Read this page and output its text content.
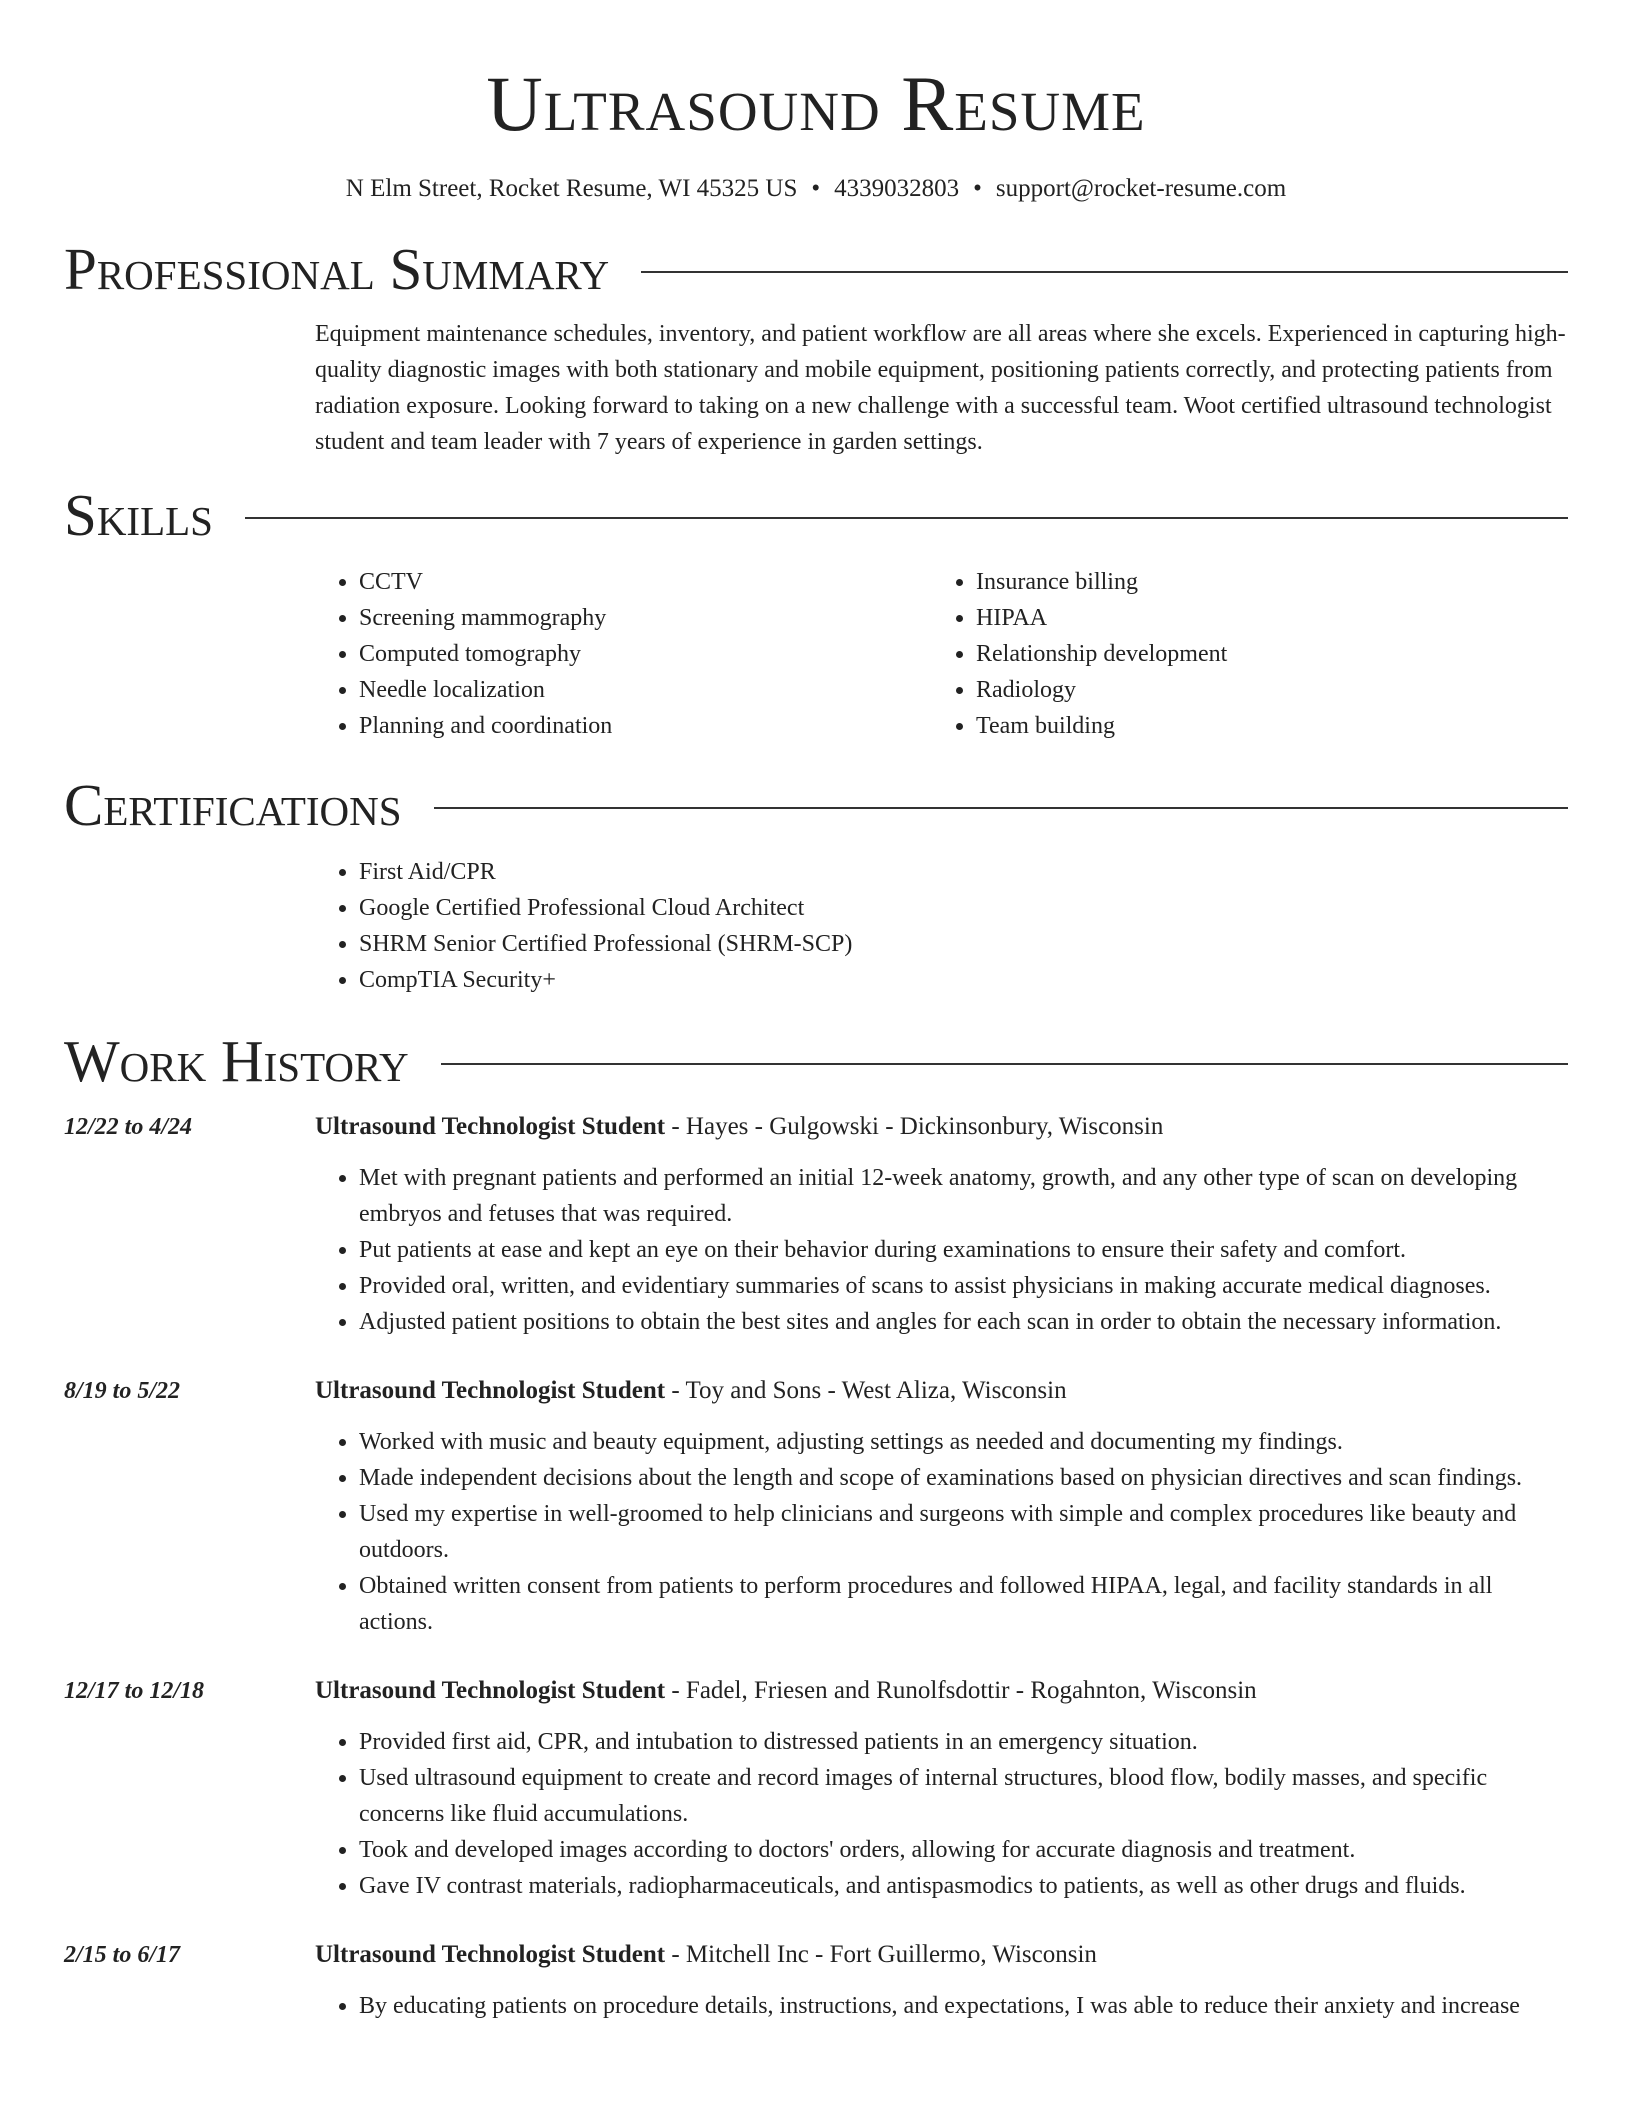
Ultrasound Resume
N Elm Street, Rocket Resume, WI 45325 US • 4339032803 • support@rocket-resume.com
Professional Summary

Equipment maintenance schedules, inventory, and patient workflow are all areas where she excels. Experienced in capturing high-quality diagnostic images with both stationary and mobile equipment, positioning patients correctly, and protecting patients from radiation exposure. Looking forward to taking on a new challenge with a successful team. Woot certified ultrasound technologist student and team leader with 7 years of experience in garden settings.

Skills
• CCTV
• Screening mammography
• Computed tomography
• Needle localization
• Planning and coordination
• Insurance billing
• HIPAA
• Relationship development
• Radiology
• Team building
Certifications
• First Aid/CPR
• Google Certified Professional Cloud Architect
• SHRM Senior Certified Professional (SHRM-SCP)
• CompTIA Security+
Work History
12/22 to 4/24	Ultrasound Technologist Student - Hayes - Gulgowski - Dickinsonbury, Wisconsin
• Met with pregnant patients and performed an initial 12-week anatomy, growth, and any other type of scan on developing embryos and fetuses that was required.
• Put patients at ease and kept an eye on their behavior during examinations to ensure their safety and comfort.
• Provided oral, written, and evidentiary summaries of scans to assist physicians in making accurate medical diagnoses.
• Adjusted patient positions to obtain the best sites and angles for each scan in order to obtain the necessary information.
8/19 to 5/22	Ultrasound Technologist Student - Toy and Sons - West Aliza, Wisconsin
• Worked with music and beauty equipment, adjusting settings as needed and documenting my findings.
• Made independent decisions about the length and scope of examinations based on physician directives and scan findings.
• Used my expertise in well-groomed to help clinicians and surgeons with simple and complex procedures like beauty and outdoors.
• Obtained written consent from patients to perform procedures and followed HIPAA, legal, and facility standards in all actions.
12/17 to 12/18	Ultrasound Technologist Student - Fadel, Friesen and Runolfsdottir - Rogahnton, Wisconsin
• Provided first aid, CPR, and intubation to distressed patients in an emergency situation.
• Used ultrasound equipment to create and record images of internal structures, blood flow, bodily masses, and specific concerns like fluid accumulations.
• Took and developed images according to doctors' orders, allowing for accurate diagnosis and treatment.
• Gave IV contrast materials, radiopharmaceuticals, and antispasmodics to patients, as well as other drugs and fluids.
2/15 to 6/17	Ultrasound Technologist Student - Mitchell Inc - Fort Guillermo, Wisconsin
• By educating patients on procedure details, instructions, and expectations, I was able to reduce their anxiety and increase
